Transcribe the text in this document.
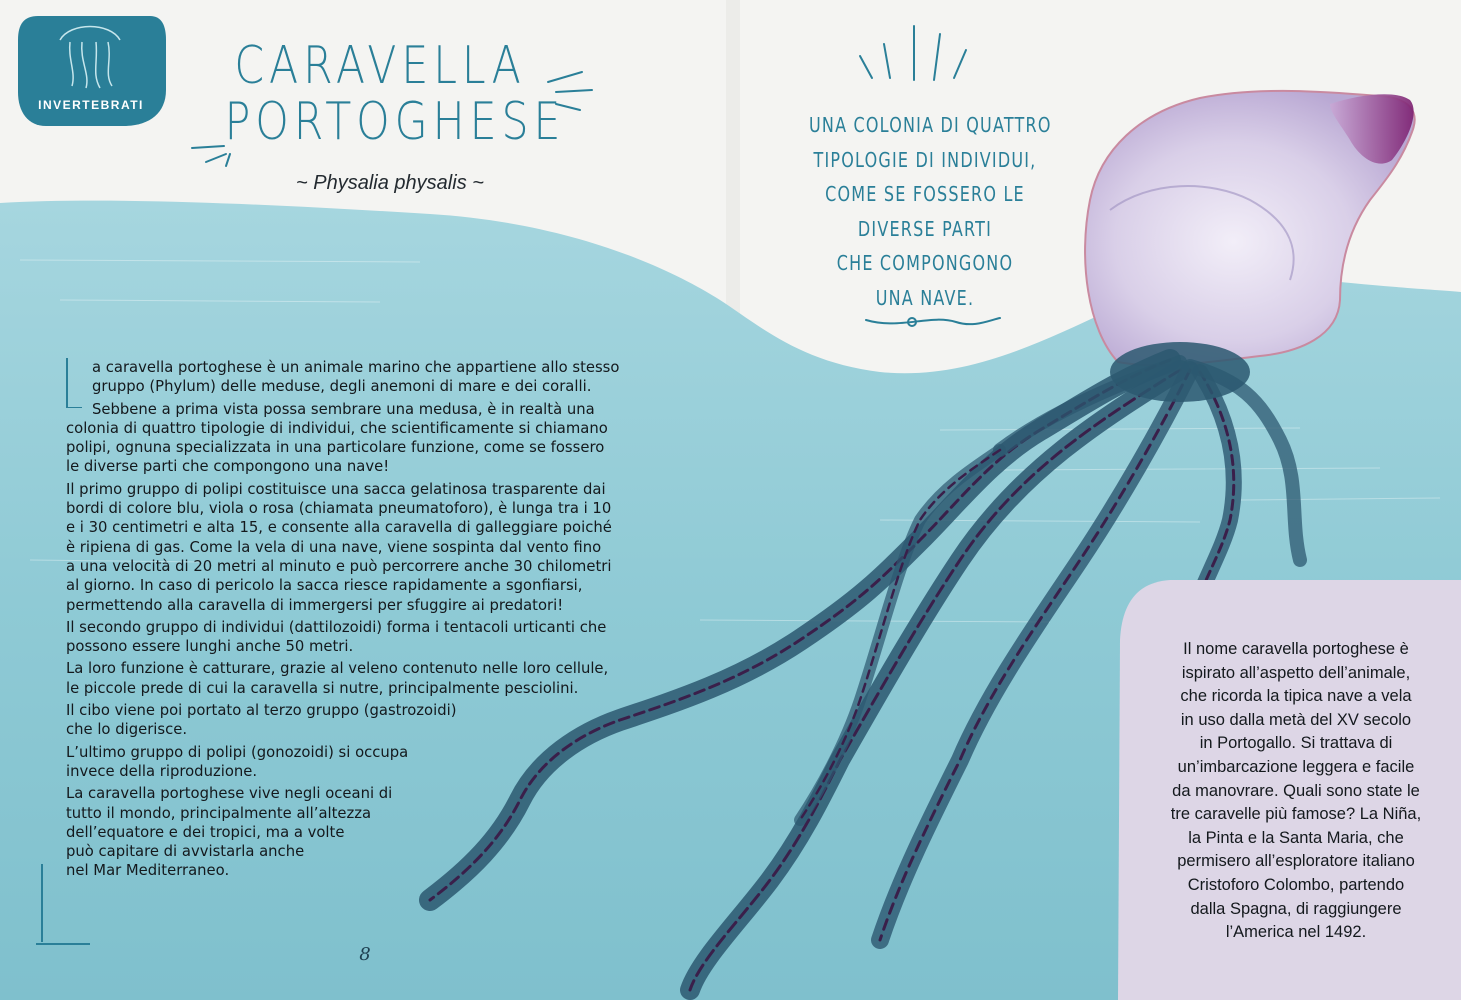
INVERTEBRATI
CARAVELLA
PORTOGHESE
~ Physalia physalis ~
UNA COLONIA DI QUATTRO
TIPOLOGIE DI INDIVIDUI,
COME SE FOSSERO LE
DIVERSE PARTI
CHE COMPONGONO
UNA NAVE.

a caravella portoghese è un animale marino che appartiene allo stesso
gruppo (Phylum) delle meduse, degli anemoni di mare e dei coralli.

Sebbene a prima vista possa sembrare una medusa, è in realtà una
colonia di quattro tipologie di individui, che scientificamente si chiamano
polipi, ognuna specializzata in una particolare funzione, come se fossero
le diverse parti che compongono una nave!

Il primo gruppo di polipi costituisce una sacca gelatinosa trasparente dai
bordi di colore blu, viola o rosa (chiamata pneumatoforo), è lunga tra i 10
e i 30 centimetri e alta 15, e consente alla caravella di galleggiare poiché
è ripiena di gas. Come la vela di una nave, viene sospinta dal vento fino
a una velocità di 20 metri al minuto e può percorrere anche 30 chilometri
al giorno. In caso di pericolo la sacca riesce rapidamente a sgonfiarsi,
permettendo alla caravella di immergersi per sfuggire ai predatori!

Il secondo gruppo di individui (dattilozoidi) forma i tentacoli urticanti che
possono essere lunghi anche 50 metri.

La loro funzione è catturare, grazie al veleno contenuto nelle loro cellule,
le piccole prede di cui la caravella si nutre, principalmente pesciolini.

Il cibo viene poi portato al terzo gruppo (gastrozoidi)
che lo digerisce.

L’ultimo gruppo di polipi (gonozoidi) si occupa
invece della riproduzione.

La caravella portoghese vive negli oceani di
tutto il mondo, principalmente all’altezza
dell’equatore e dei tropici, ma a volte
può capitare di avvistarla anche
nel Mar Mediterraneo.

Il nome caravella portoghese è
ispirato all’aspetto dell’animale,
che ricorda la tipica nave a vela
in uso dalla metà del XV secolo
in Portogallo. Si trattava di
un’imbarcazione leggera e facile
da manovrare. Quali sono state le
tre caravelle più famose? La Niña,
la Pinta e la Santa Maria, che
permisero all’esploratore italiano
Cristoforo Colombo, partendo
dalla Spagna, di raggiungere
l’America nel 1492.
8
